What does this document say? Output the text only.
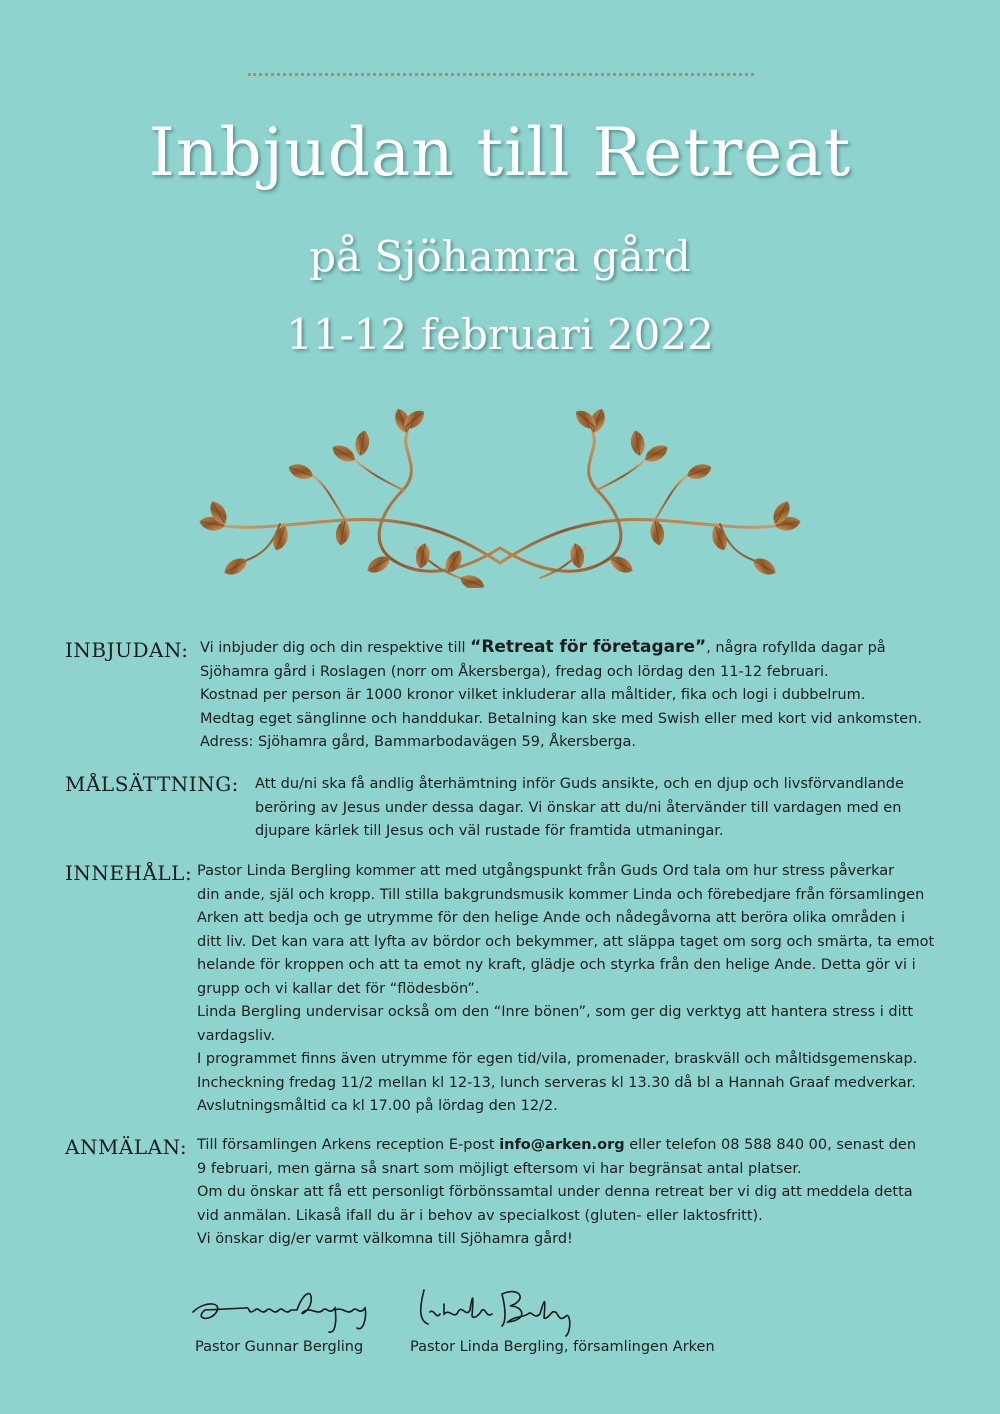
Inbjudan till Retreat
på Sjöhamra gård
11-12 februari 2022
INBJUDAN: Vi inbjuder dig och din respektive till “Retreat för företagare”, några rofyllda dagar på
Sjöhamra gård i Roslagen (norr om Åkersberga), fredag och lördag den 11-12 februari.
Kostnad per person är 1000 kronor vilket inkluderar alla måltider, fika och logi i dubbelrum.
Medtag eget sänglinne och handdukar. Betalning kan ske med Swish eller med kort vid ankomsten.
Adress: Sjöhamra gård, Bammarbodavägen 59, Åkersberga.
MÅLSÄTTNING: Att du/ni ska få andlig återhämtning inför Guds ansikte, och en djup och livsförvandlande
beröring av Jesus under dessa dagar. Vi önskar att du/ni återvänder till vardagen med en
djupare kärlek till Jesus och väl rustade för framtida utmaningar.
INNEHÅLL: Pastor Linda Bergling kommer att med utgångspunkt från Guds Ord tala om hur stress påverkar
din ande, själ och kropp. Till stilla bakgrundsmusik kommer Linda och förebedjare från församlingen
Arken att bedja och ge utrymme för den helige Ande och nådegåvorna att beröra olika områden i
ditt liv. Det kan vara att lyfta av bördor och bekymmer, att släppa taget om sorg och smärta, ta emot
helande för kroppen och att ta emot ny kraft, glädje och styrka från den helige Ande. Detta gör vi i
grupp och vi kallar det för “flödesbön”.
Linda Bergling undervisar också om den “Inre bönen”, som ger dig verktyg att hantera stress i ditt
vardagsliv.
I programmet finns även utrymme för egen tid/vila, promenader, braskväll och måltidsgemenskap.
Incheckning fredag 11/2 mellan kl 12-13, lunch serveras kl 13.30 då bl a Hannah Graaf medverkar.
Avslutningsmåltid ca kl 17.00 på lördag den 12/2.
ANMÄLAN: Till församlingen Arkens reception E-post info@arken.org eller telefon 08 588 840 00, senast den
9 februari, men gärna så snart som möjligt eftersom vi har begränsat antal platser.
Om du önskar att få ett personligt förbönssamtal under denna retreat ber vi dig att meddela detta
vid anmälan. Likaså ifall du är i behov av specialkost (gluten- eller laktosfritt).
Vi önskar dig/er varmt välkomna till Sjöhamra gård!
Pastor Gunnar Bergling	Pastor Linda Bergling, församlingen Arken
